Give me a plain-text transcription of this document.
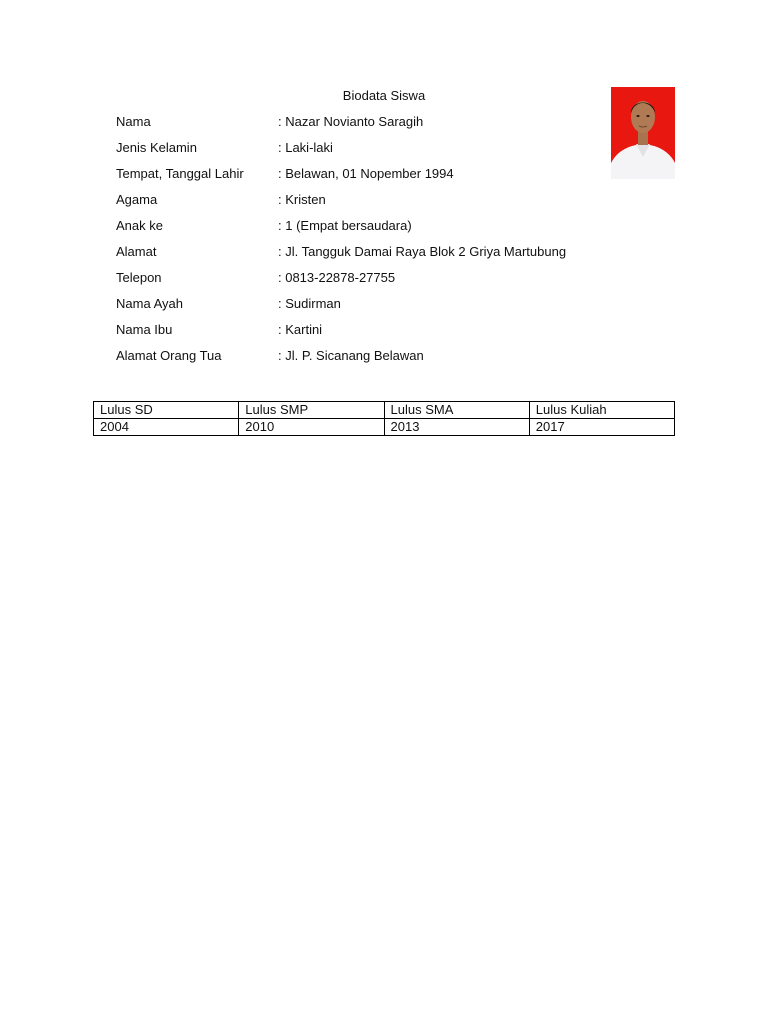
Biodata Siswa
Nama	: Nazar Novianto Saragih
Jenis Kelamin	: Laki-laki
Tempat, Tanggal Lahir	: Belawan, 01 Nopember 1994
Agama	: Kristen
Anak ke	: 1 (Empat bersaudara)
Alamat	: Jl. Tangguk Damai Raya Blok 2 Griya Martubung
Telepon	: 0813-22878-27755
Nama Ayah	: Sudirman
Nama Ibu	: Kartini
Alamat Orang Tua	: Jl. P. Sicanang Belawan
Lulus SD	Lulus SMP	Lulus SMA	Lulus Kuliah
2004	2010	2013	2017
